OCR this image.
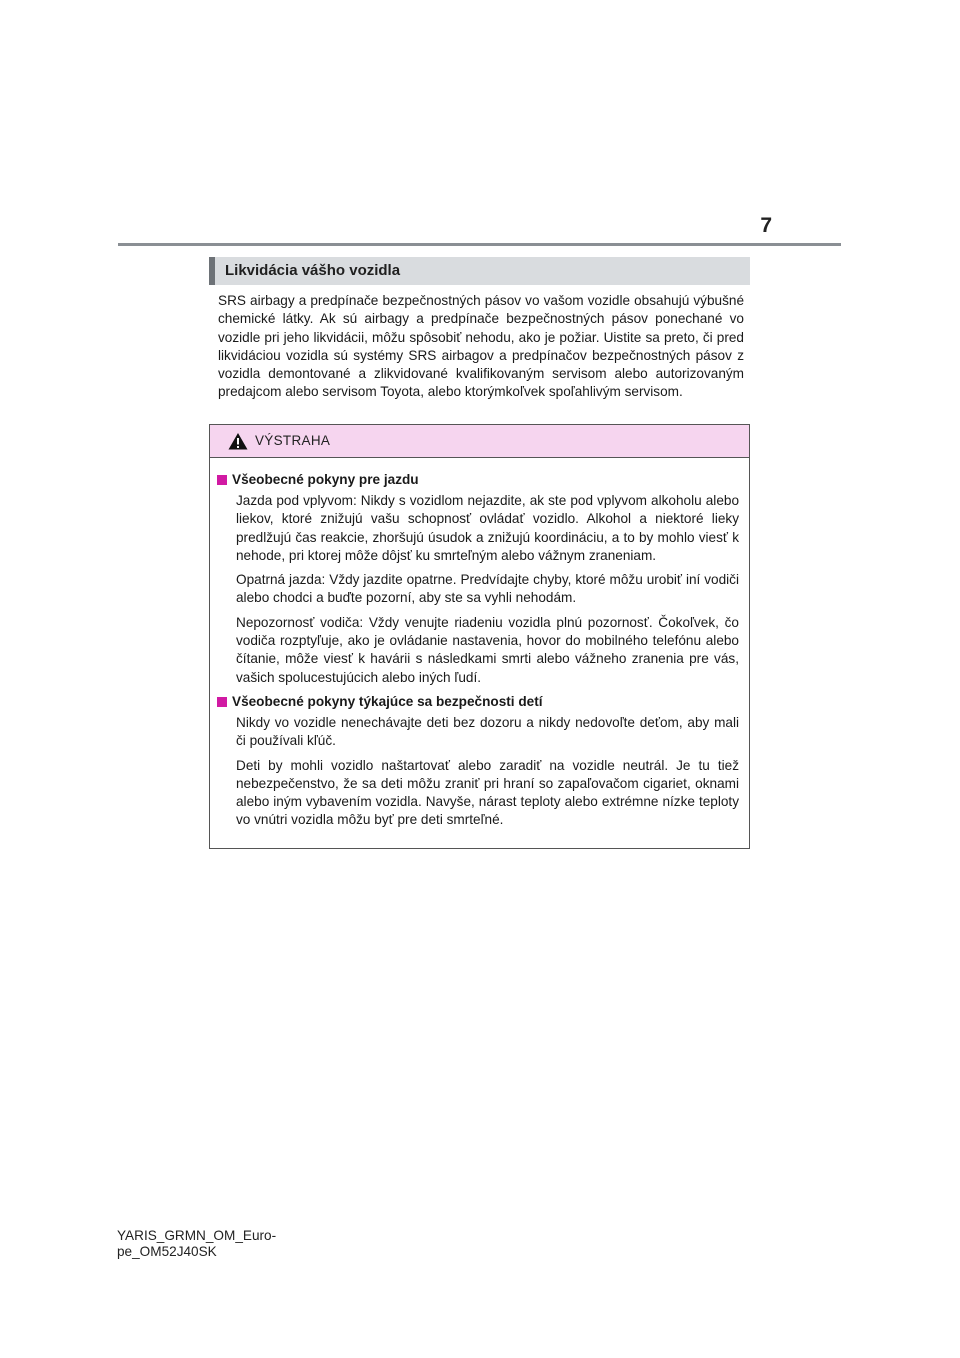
7
Likvidácia vášho vozidla

SRS airbagy a predpínače bezpečnostných pásov vo vašom vozidle obsahujú výbušné chemické látky. Ak sú airbagy a predpínače bezpečnostných pásov ponechané vo vozidle pri jeho likvidácii, môžu spôsobiť nehodu, ako je požiar. Uistite sa preto, či pred likvidáciou vozidla sú systémy SRS airbagov a predpínačov bezpečnostných pásov z vozidla demontované a zlikvidované kvalifikovaným servisom alebo autorizovaným predajcom alebo servisom Toyota, alebo ktorýmkoľvek spoľahlivým servisom.

VÝSTRAHA
Všeobecné pokyny pre jazdu

Jazda pod vplyvom: Nikdy s vozidlom nejazdite, ak ste pod vplyvom alkoholu alebo liekov, ktoré znižujú vašu schopnosť ovládať vozidlo. Alkohol a niektoré lieky predlžujú čas reakcie, zhoršujú úsudok a znižujú koordináciu, a to by mohlo viesť k nehode, pri ktorej môže dôjsť ku smrteľným alebo vážnym zraneniam.

Opatrná jazda: Vždy jazdite opatrne. Predvídajte chyby, ktoré môžu urobiť iní vodiči alebo chodci a buďte pozorní, aby ste sa vyhli nehodám.

Nepozornosť vodiča: Vždy venujte riadeniu vozidla plnú pozornosť. Čokoľvek, čo vodiča rozptyľuje, ako je ovládanie nastavenia, hovor do mobilného telefónu alebo čítanie, môže viesť k havárii s následkami smrti alebo vážneho zranenia pre vás, vašich spolucestujúcich alebo iných ľudí.

Všeobecné pokyny týkajúce sa bezpečnosti detí

Nikdy vo vozidle nenechávajte deti bez dozoru a nikdy nedovoľte deťom, aby mali či používali kľúč.

Deti by mohli vozidlo naštartovať alebo zaradiť na vozidle neutrál. Je tu tiež nebezpečenstvo, že sa deti môžu zraniť pri hraní so zapaľovačom cigariet, oknami alebo iným vybavením vozidla. Navyše, nárast teploty alebo extrémne nízke teploty vo vnútri vozidla môžu byť pre deti smrteľné.

YARIS_GRMN_OM_Euro-
pe_OM52J40SK
